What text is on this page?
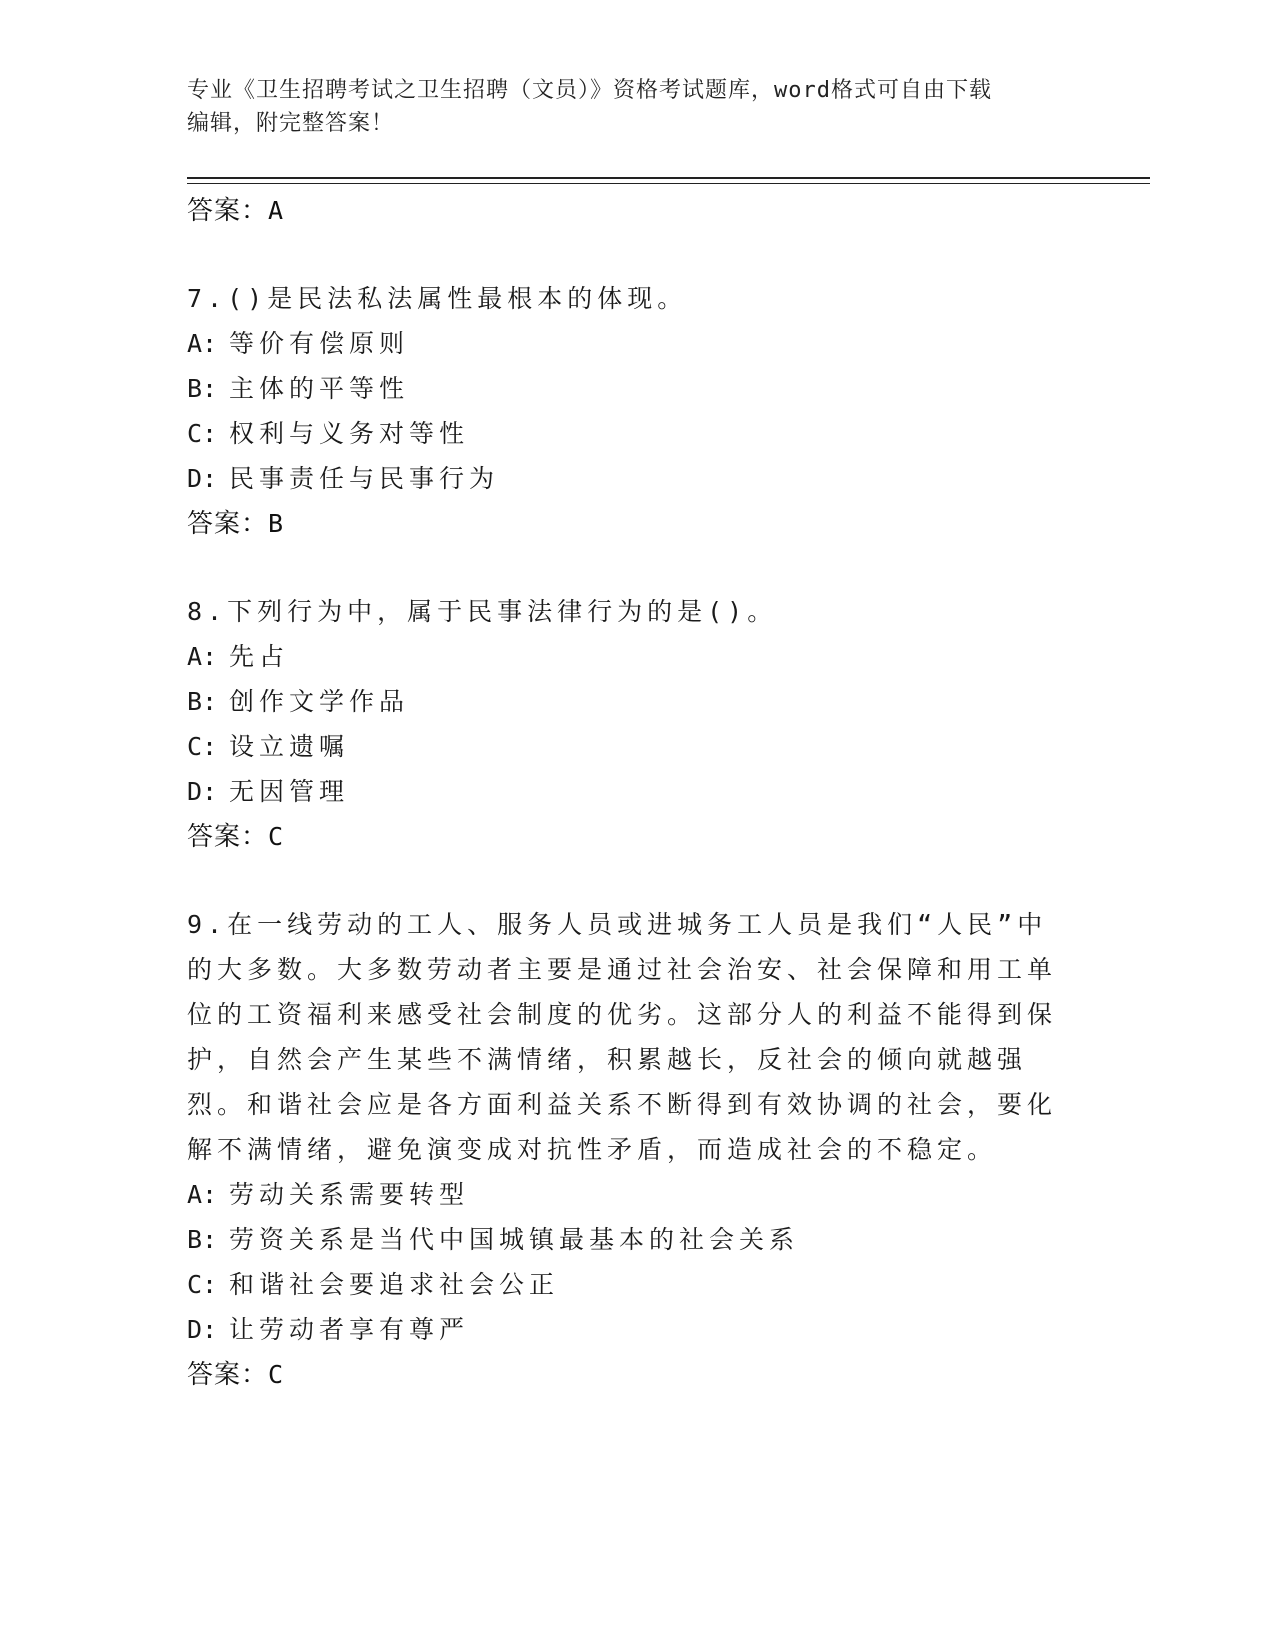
专业《卫生招聘考试之卫生招聘（文员）》资格考试题库，word格式可自由下载
编辑，附完整答案！
答案：A
7.()是民法私法属性最根本的体现。
A: 等价有偿原则
B: 主体的平等性
C: 权利与义务对等性
D: 民事责任与民事行为
答案：B
8.下列行为中，属于民事法律行为的是()。
A: 先占
B: 创作文学作品
C: 设立遗嘱
D: 无因管理
答案：C
9.在一线劳动的工人、服务人员或进城务工人员是我们“人民”中的大多数。大多数劳动者主要是通过社会治安、社会保障和用工单位的工资福利来感受社会制度的优劣。这部分人的利益不能得到保护，自然会产生某些不满情绪，积累越长，反社会的倾向就越强烈。和谐社会应是各方面利益关系不断得到有效协调的社会，要化解不满情绪，避免演变成对抗性矛盾，而造成社会的不稳定。
A: 劳动关系需要转型
B: 劳资关系是当代中国城镇最基本的社会关系
C: 和谐社会要追求社会公正
D: 让劳动者享有尊严
答案：C
